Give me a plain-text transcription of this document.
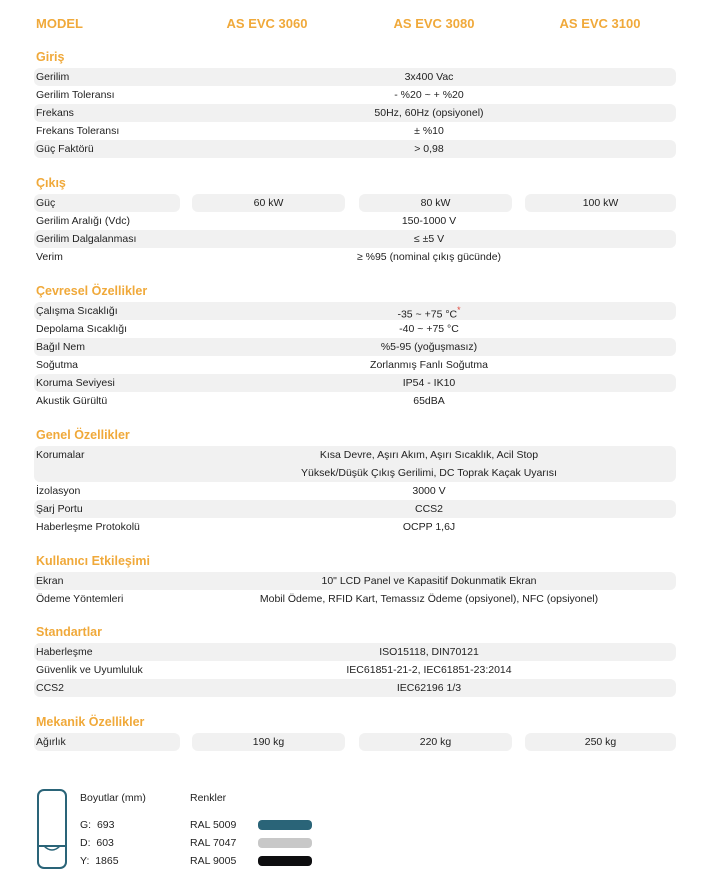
MODEL	AS EVC 3060	AS EVC 3080	AS EVC 3100
Giriş
Gerilim	3x400 Vac
Gerilim Toleransı	- %20 ~ + %20
Frekans	50Hz, 60Hz (opsiyonel)
Frekans Toleransı	± %10
Güç Faktörü	> 0,98
Çıkış
Güç	60 kW	80 kW	100 kW
Gerilim Aralığı (Vdc)	150-1000 V
Gerilim Dalgalanması	≤ ±5 V
Verim	≥ %95 (nominal çıkış gücünde)
Çevresel Özellikler
Çalışma Sıcaklığı	-35 ~ +75 °C*
Depolama Sıcaklığı	-40 ~ +75 °C
Bağıl Nem	%5-95 (yoğuşmasız)
Soğutma	Zorlanmış Fanlı Soğutma
Koruma Seviyesi	IP54 - IK10
Akustik Gürültü	65dBA
Genel Özellikler
Korumalar	Kısa Devre, Aşırı Akım, Aşırı Sıcaklık, Acil Stop
Yüksek/Düşük Çıkış Gerilimi, DC Toprak Kaçak Uyarısı
İzolasyon	3000 V
Şarj Portu	CCS2
Haberleşme Protokolü	OCPP 1,6J
Kullanıcı Etkileşimi
Ekran	10" LCD Panel ve Kapasitif Dokunmatik Ekran
Ödeme Yöntemleri	Mobil Ödeme, RFID Kart, Temassız Ödeme (opsiyonel), NFC (opsiyonel)
Standartlar
Haberleşme	ISO15118, DIN70121
Güvenlik ve Uyumluluk	IEC61851-21-2, IEC61851-23:2014
CCS2	IEC62196 1/3
Mekanik Özellikler
Ağırlık	190 kg	220 kg	250 kg
Boyutlar (mm)
G:  693
D:  603
Y:  1865
Renkler
RAL 5009
RAL 7047
RAL 9005
